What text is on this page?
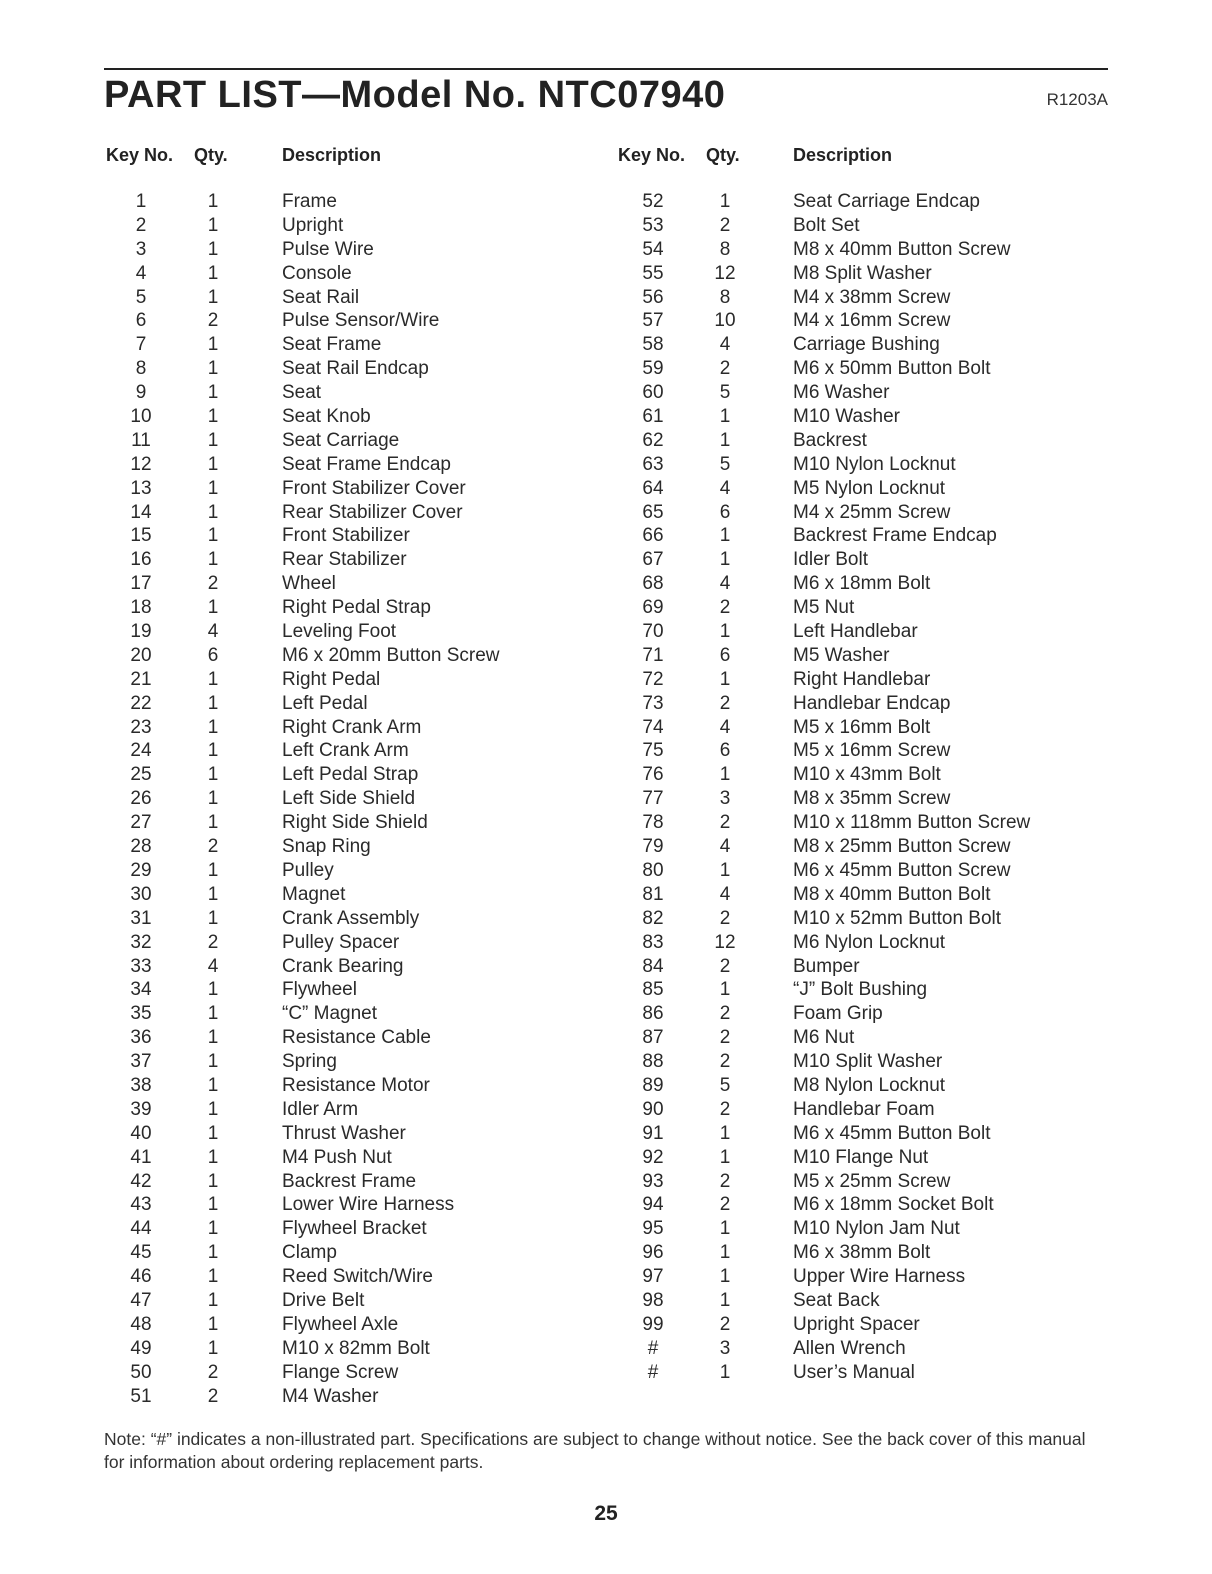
PART LIST—Model No. NTC07940	R1203A
Key No. Qty.	Description	Key No. Qty.	Description
1	1	Frame
2	1	Upright
3	1	Pulse Wire
4	1	Console
5	1	Seat Rail
6	2	Pulse Sensor/Wire
7	1	Seat Frame
8	1	Seat Rail Endcap
9	1	Seat
10	1	Seat Knob
11	1	Seat Carriage
12	1	Seat Frame Endcap
13	1	Front Stabilizer Cover
14	1	Rear Stabilizer Cover
15	1	Front Stabilizer
16	1	Rear Stabilizer
17	2	Wheel
18	1	Right Pedal Strap
19	4	Leveling Foot
20	6	M6 x 20mm Button Screw
21	1	Right Pedal
22	1	Left Pedal
23	1	Right Crank Arm
24	1	Left Crank Arm
25	1	Left Pedal Strap
26	1	Left Side Shield
27	1	Right Side Shield
28	2	Snap Ring
29	1	Pulley
30	1	Magnet
31	1	Crank Assembly
32	2	Pulley Spacer
33	4	Crank Bearing
34	1	Flywheel
35	1	“C” Magnet
36	1	Resistance Cable
37	1	Spring
38	1	Resistance Motor
39	1	Idler Arm
40	1	Thrust Washer
41	1	M4 Push Nut
42	1	Backrest Frame
43	1	Lower Wire Harness
44	1	Flywheel Bracket
45	1	Clamp
46	1	Reed Switch/Wire
47	1	Drive Belt
48	1	Flywheel Axle
49	1	M10 x 82mm Bolt
50	2	Flange Screw
51	2	M4 Washer
52	1	Seat Carriage Endcap
53	2	Bolt Set
54	8	M8 x 40mm Button Screw
55	12	M8 Split Washer
56	8	M4 x 38mm Screw
57	10	M4 x 16mm Screw
58	4	Carriage Bushing
59	2	M6 x 50mm Button Bolt
60	5	M6 Washer
61	1	M10 Washer
62	1	Backrest
63	5	M10 Nylon Locknut
64	4	M5 Nylon Locknut
65	6	M4 x 25mm Screw
66	1	Backrest Frame Endcap
67	1	Idler Bolt
68	4	M6 x 18mm Bolt
69	2	M5 Nut
70	1	Left Handlebar
71	6	M5 Washer
72	1	Right Handlebar
73	2	Handlebar Endcap
74	4	M5 x 16mm Bolt
75	6	M5 x 16mm Screw
76	1	M10 x 43mm Bolt
77	3	M8 x 35mm Screw
78	2	M10 x 118mm Button Screw
79	4	M8 x 25mm Button Screw
80	1	M6 x 45mm Button Screw
81	4	M8 x 40mm Button Bolt
82	2	M10 x 52mm Button Bolt
83	12	M6 Nylon Locknut
84	2	Bumper
85	1	“J” Bolt Bushing
86	2	Foam Grip
87	2	M6 Nut
88	2	M10 Split Washer
89	5	M8 Nylon Locknut
90	2	Handlebar Foam
91	1	M6 x 45mm Button Bolt
92	1	M10 Flange Nut
93	2	M5 x 25mm Screw
94	2	M6 x 18mm Socket Bolt
95	1	M10 Nylon Jam Nut
96	1	M6 x 38mm Bolt
97	1	Upper Wire Harness
98	1	Seat Back
99	2	Upright Spacer
#	3	Allen Wrench
#	1	User’s Manual
Note: “#” indicates a non-illustrated part. Specifications are subject to change without notice. See the back cover of this manual for information about ordering replacement parts.
25
